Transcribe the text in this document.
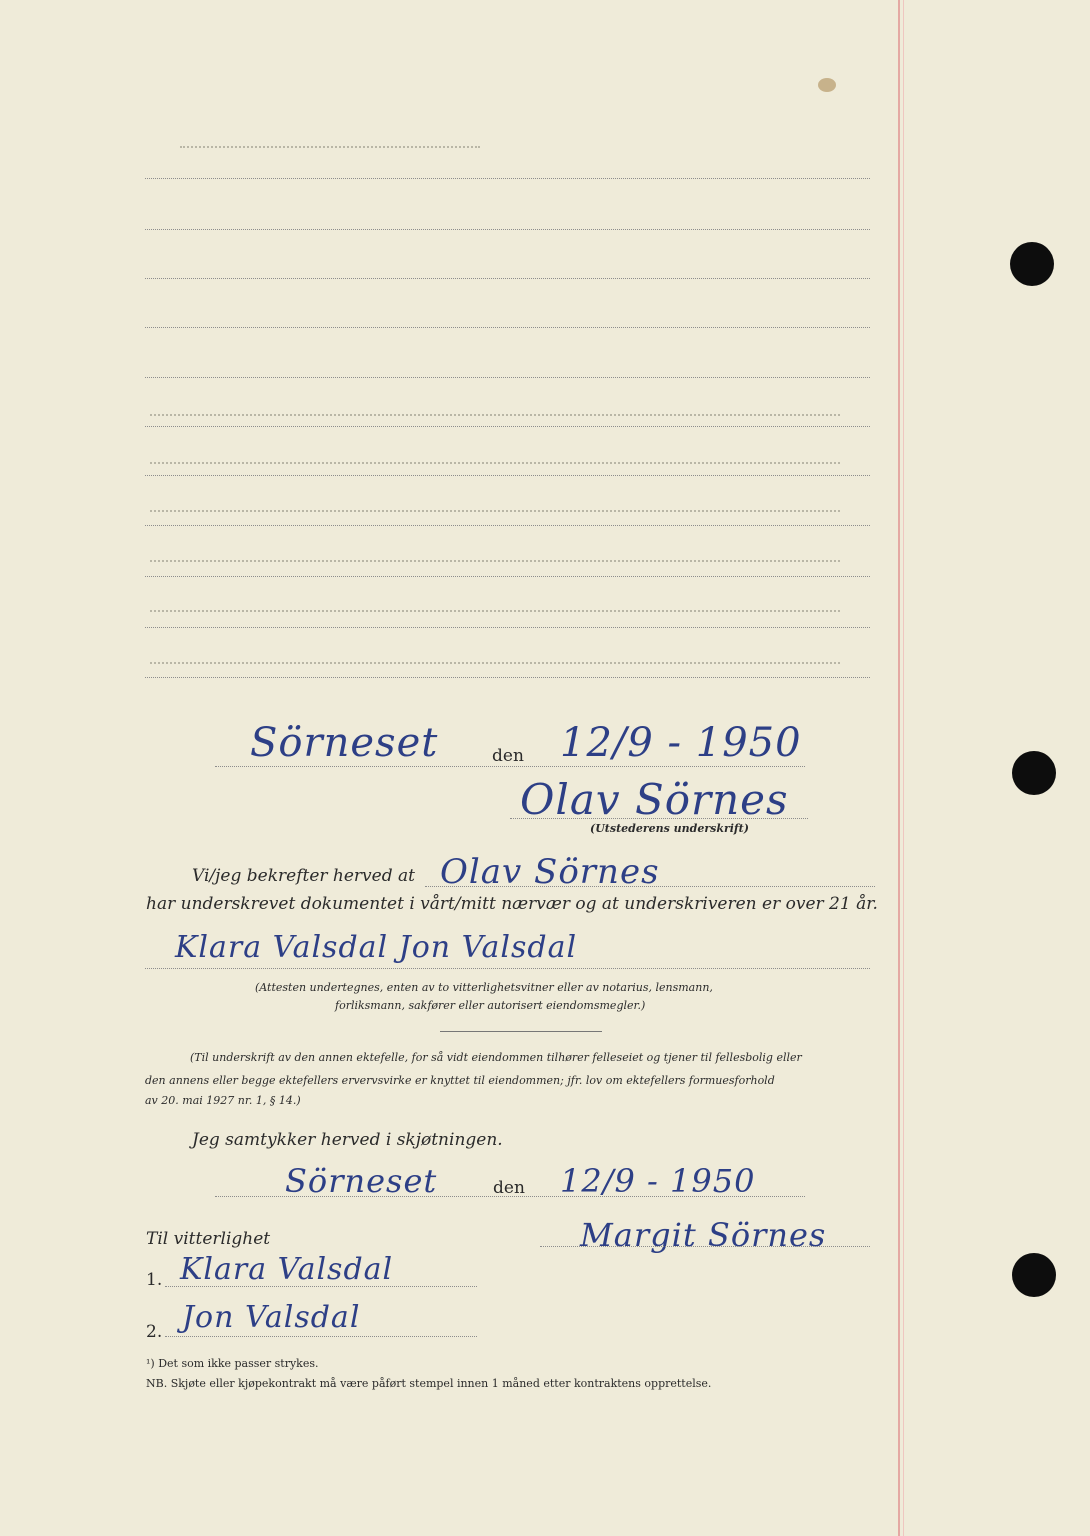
Sörneset	den 12/9 - 1950
Olav Sörnes
(Utstederens underskrift)
Vi/jeg bekrefter herved at Olav Sörnes
har underskrevet dokumentet i vårt/mitt nærvær og at underskriveren er over 21 år.
Klara Valsdal Jon Valsdal
(Attesten undertegnes, enten av to vitterlighetsvitner eller av notarius, lensmann,
forliksmann, sakfører eller autorisert eiendomsmegler.)
(Til underskrift av den annen ektefelle, for så vidt eiendommen tilhører felleseiet og tjener til fellesbolig eller
den annens eller begge ektefellers ervervsvirke er knyttet til eiendommen; jfr. lov om ektefellers formuesforhold
av 20. mai 1927 nr. 1, § 14.)
Jeg samtykker herved i skjøtningen.
Sörneset	den 12/9 - 1950
Til vitterlighet	Margit Sörnes
1. Klara Valsdal
2. Jon Valsdal
¹) Det som ikke passer strykes.
NB. Skjøte eller kjøpekontrakt må være påført stempel innen 1 måned etter kontraktens opprettelse.
